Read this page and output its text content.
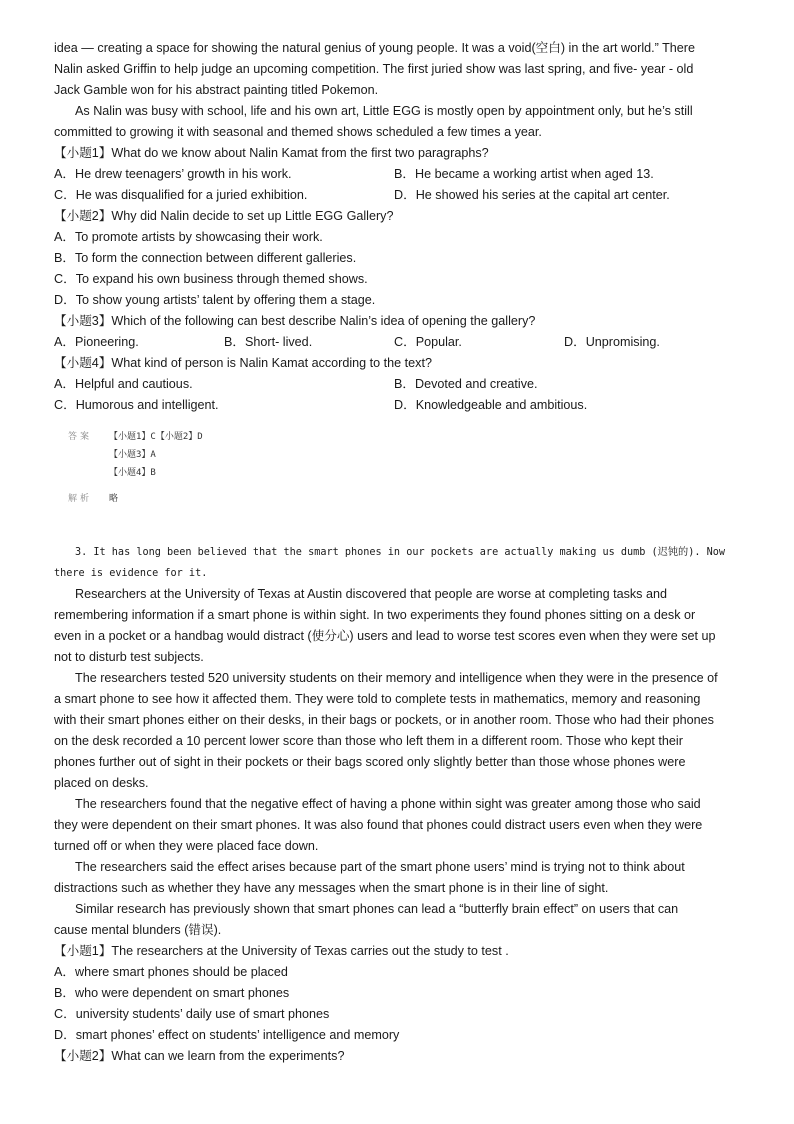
idea — creating a space for showing the natural genius of young people. It was a void(空白) in the art world.” There
Nalin asked Griffin to help judge an upcoming competition. The first juried show was last spring, and five- year - old
Jack Gamble won for his abstract painting titled Pokemon.
As Nalin was busy with school, life and his own art, Little EGG is mostly open by appointment only, but he’s still
committed to growing it with seasonal and themed shows scheduled a few times a year.
【小题1】What do we know about Nalin Kamat from the first two paragraphs?
A．He drew teenagers’ growth in his work.	B．He became a working artist when aged 13.
C．He was disqualified for a juried exhibition.	D．He showed his series at the capital art center.
【小题2】Why did Nalin decide to set up Little EGG Gallery?
A．To promote artists by showcasing their work.
B．To form the connection between different galleries.
C．To expand his own business through themed shows.
D．To show young artists’ talent by offering them a stage.
【小题3】Which of the following can best describe Nalin’s idea of opening the gallery?
A．Pioneering.	B．Short- lived.	C．Popular.	D．Unpromising.
【小题4】What kind of person is Nalin Kamat according to the text?
A．Helpful and cautious.	B．Devoted and creative.
C．Humorous and intelligent.	D．Knowledgeable and ambitious.
答案 【小题1】C【小题2】D
【小题3】A
【小题4】B
解析 略
3. It has long been believed that the smart phones in our pockets are actually making us dumb (迟钝的). Now
there is evidence for it.
Researchers at the University of Texas at Austin discovered that people are worse at completing tasks and
remembering information if a smart phone is within sight. In two experiments they found phones sitting on a desk or
even in a pocket or a handbag would distract (使分心) users and lead to worse test scores even when they were set up
not to disturb test subjects.
The researchers tested 520 university students on their memory and intelligence when they were in the presence of
a smart phone to see how it affected them. They were told to complete tests in mathematics, memory and reasoning
with their smart phones either on their desks, in their bags or pockets, or in another room. Those who had their phones
on the desk recorded a 10 percent lower score than those who left them in a different room. Those who kept their
phones further out of sight in their pockets or their bags scored only slightly better than those whose phones were
placed on desks.
The researchers found that the negative effect of having a phone within sight was greater among those who said
they were dependent on their smart phones. It was also found that phones could distract users even when they were
turned off or when they were placed face down.
The researchers said the effect arises because part of the smart phone users’ mind is trying not to think about
distractions such as whether they have any messages when the smart phone is in their line of sight.
Similar research has previously shown that smart phones can lead a “butterfly brain effect” on users that can
cause mental blunders (错误).
【小题1】The researchers at the University of Texas carries out the study to test .
A．where smart phones should be placed
B．who were dependent on smart phones
C．university students’ daily use of smart phones
D．smart phones’ effect on students’ intelligence and memory
【小题2】What can we learn from the experiments?
